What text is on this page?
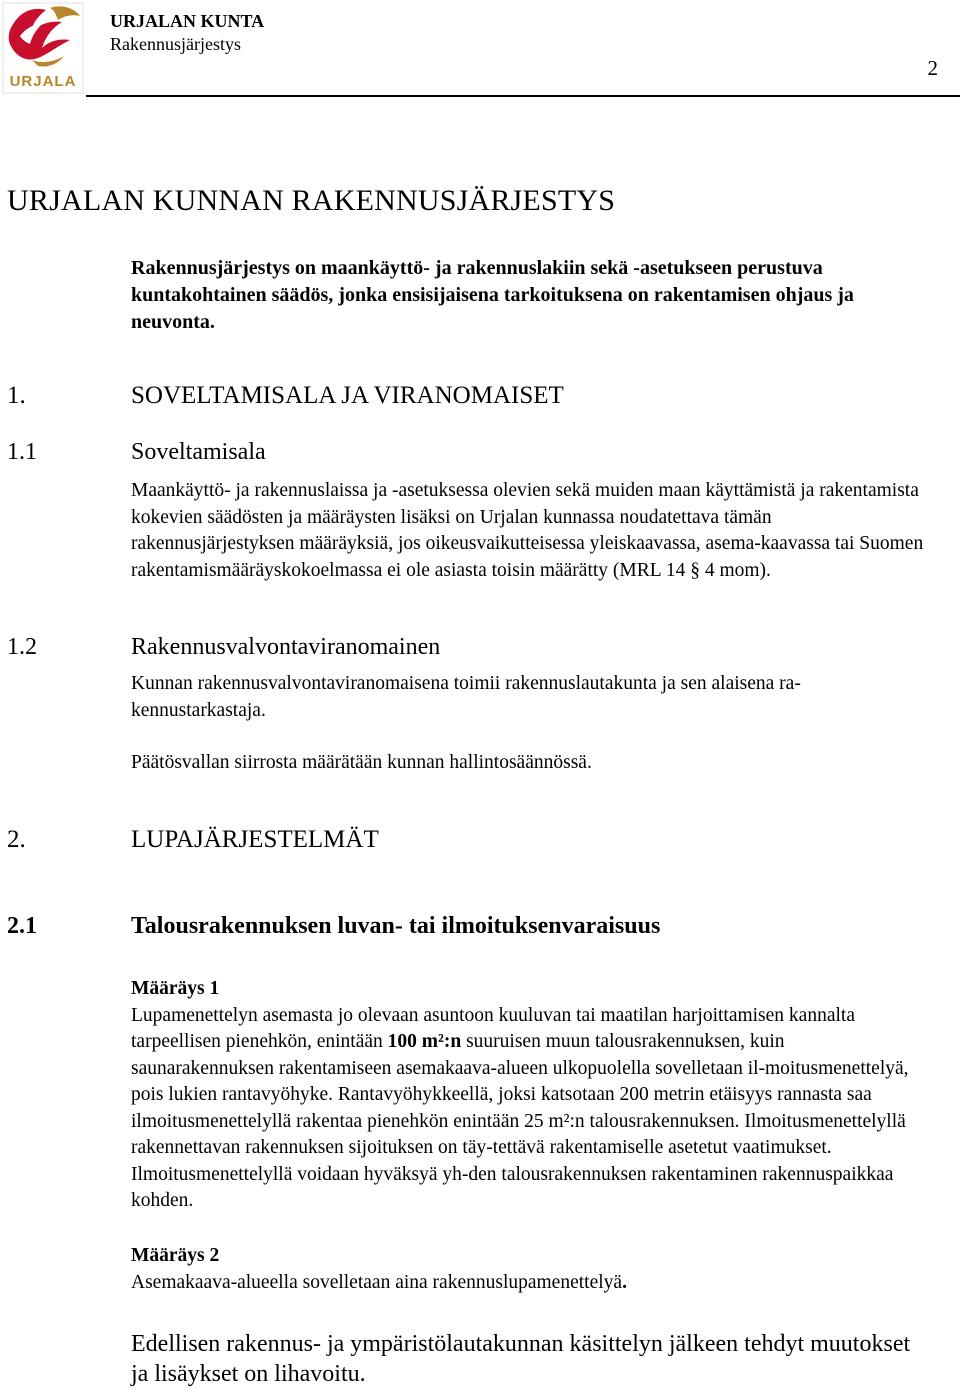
URJALA
URJALAN KUNTA
Rakennusjärjestys
2
URJALAN KUNNAN RAKENNUSJÄRJESTYS
Rakennusjärjestys on maankäyttö- ja rakennuslakiin sekä -asetukseen perustuva kuntakohtainen säädös, jonka ensisijaisena tarkoituksena on rakentamisen ohjaus ja neuvonta.
1.	SOVELTAMISALA JA VIRANOMAISET
1.1	Soveltamisala
Maankäyttö- ja rakennuslaissa ja -asetuksessa olevien sekä muiden maan käyttämistä ja rakentamista kokevien säädösten ja määräysten lisäksi on Urjalan kunnassa noudatettava tämän rakennusjärjestyksen määräyksiä, jos oikeusvaikutteisessa yleiskaavassa, asema-kaavassa tai Suomen rakentamismääräyskokoelmassa ei ole asiasta toisin määrätty (MRL 14 § 4 mom).
1.2	Rakennusvalvontaviranomainen
Kunnan rakennusvalvontaviranomaisena toimii rakennuslautakunta ja sen alaisena ra-kennustarkastaja.
Päätösvallan siirrosta määrätään kunnan hallintosäännössä.
2.	LUPAJÄRJESTELMÄT
2.1	Talousrakennuksen luvan- tai ilmoituksenvaraisuus

Määräys 1

Lupamenettelyn asemasta jo olevaan asuntoon kuuluvan tai maatilan harjoittamisen kannalta tarpeellisen pienehkön, enintään 100 m²:n suuruisen muun talousrakennuksen, kuin saunarakennuksen rakentamiseen asemakaava-alueen ulkopuolella sovelletaan il-moitusmenettelyä, pois lukien rantavyöhyke. Rantavyöhykkeellä, joksi katsotaan 200 metrin etäisyys rannasta saa ilmoitusmenettelyllä rakentaa pienehkön enintään 25 m²:n talousrakennuksen. Ilmoitusmenettelyllä rakennettavan rakennuksen sijoituksen on täy-tettävä rakentamiselle asetetut vaatimukset. Ilmoitusmenettelyllä voidaan hyväksyä yh-den talousrakennuksen rakentaminen rakennuspaikkaa kohden.

Määräys 2

Asemakaava-alueella sovelletaan aina rakennuslupamenettelyä.

Edellisen rakennus- ja ympäristölautakunnan käsittelyn jälkeen tehdyt muutokset ja lisäykset on lihavoitu.
